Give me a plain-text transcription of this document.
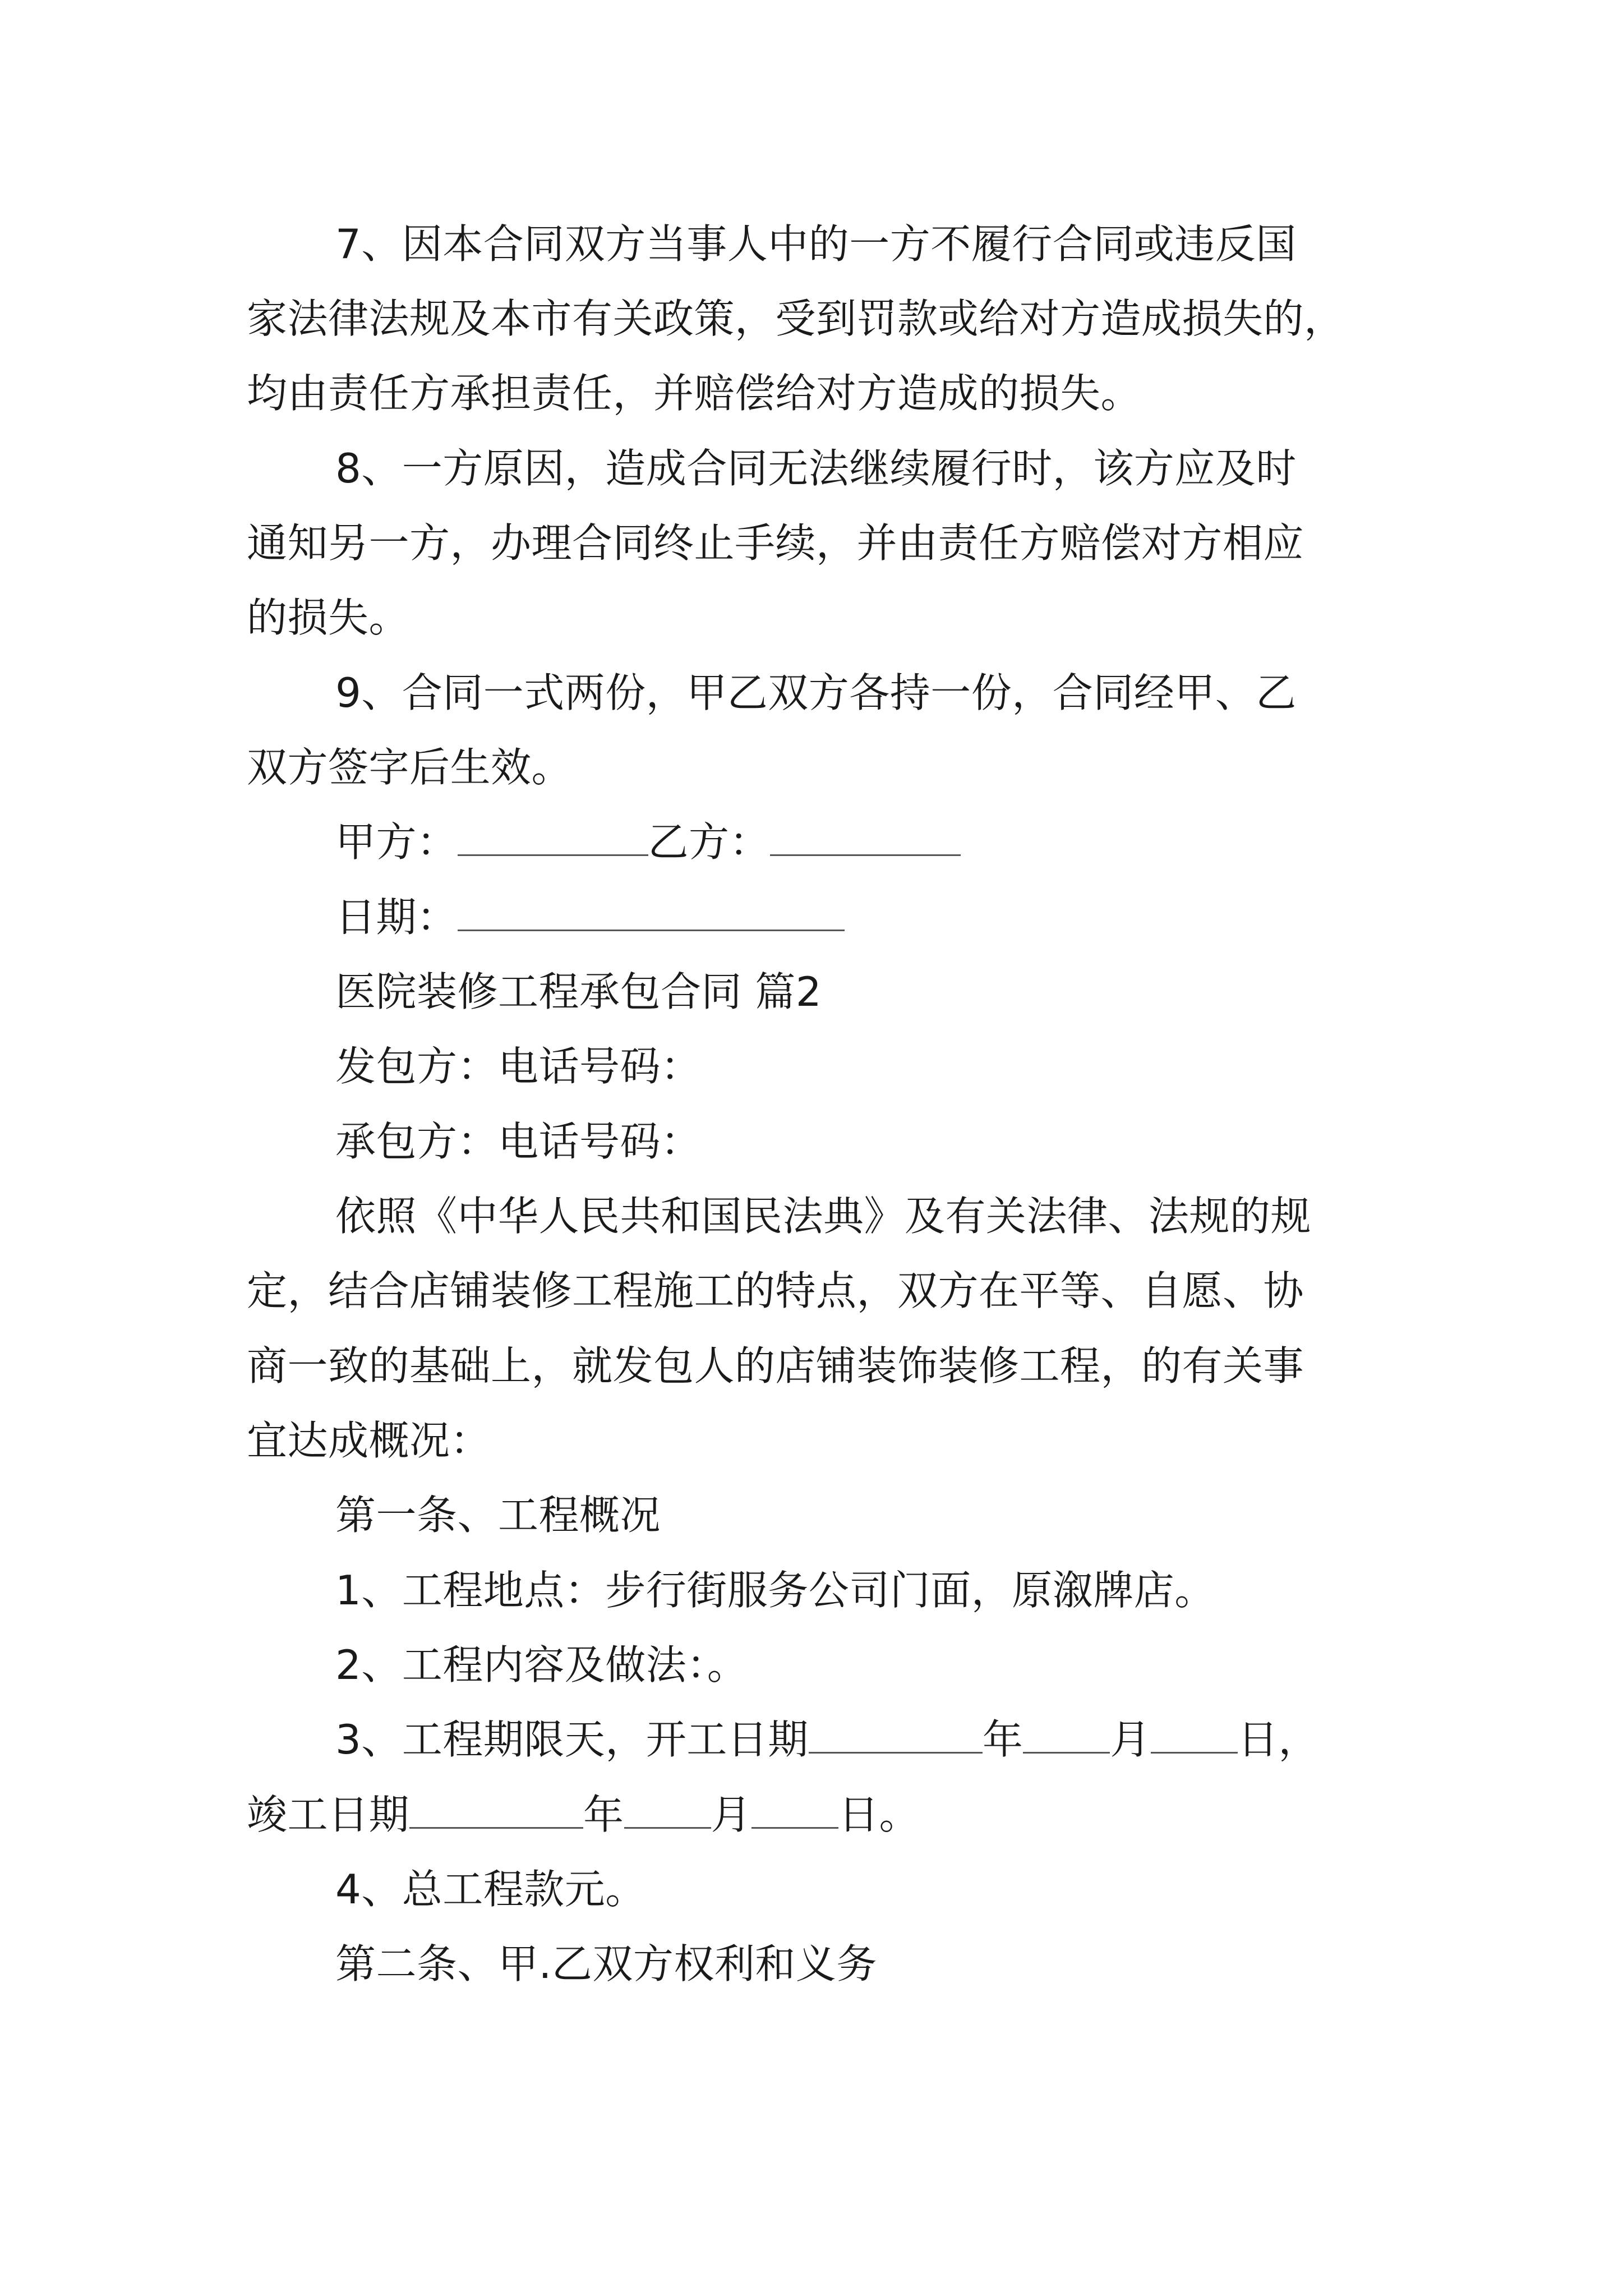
7、因本合同双方当事人中的一方不履行合同或违反国
家法律法规及本市有关政策，受到罚款或给对方造成损失的，
均由责任方承担责任，并赔偿给对方造成的损失。
8、一方原因，造成合同无法继续履行时，该方应及时
通知另一方，办理合同终止手续，并由责任方赔偿对方相应
的损失。
9、合同一式两份，甲乙双方各持一份，合同经甲、乙
双方签字后生效。
甲方：	乙方：
日期：
医院装修工程承包合同 篇2
发包方：电话号码：
承包方：电话号码：
依照《中华人民共和国民法典》及有关法律、法规的规
定，结合店铺装修工程施工的特点，双方在平等、自愿、协
商一致的基础上，就发包人的店铺装饰装修工程，的有关事
宜达成概况：
第一条、工程概况
1、工程地点：步行街服务公司门面，原溆牌店。
2、工程内容及做法：。
3、工程期限天，开工日期	年 月 日，
竣工日期	年 月 日。
4、总工程款元。
第二条、甲.乙双方权利和义务
